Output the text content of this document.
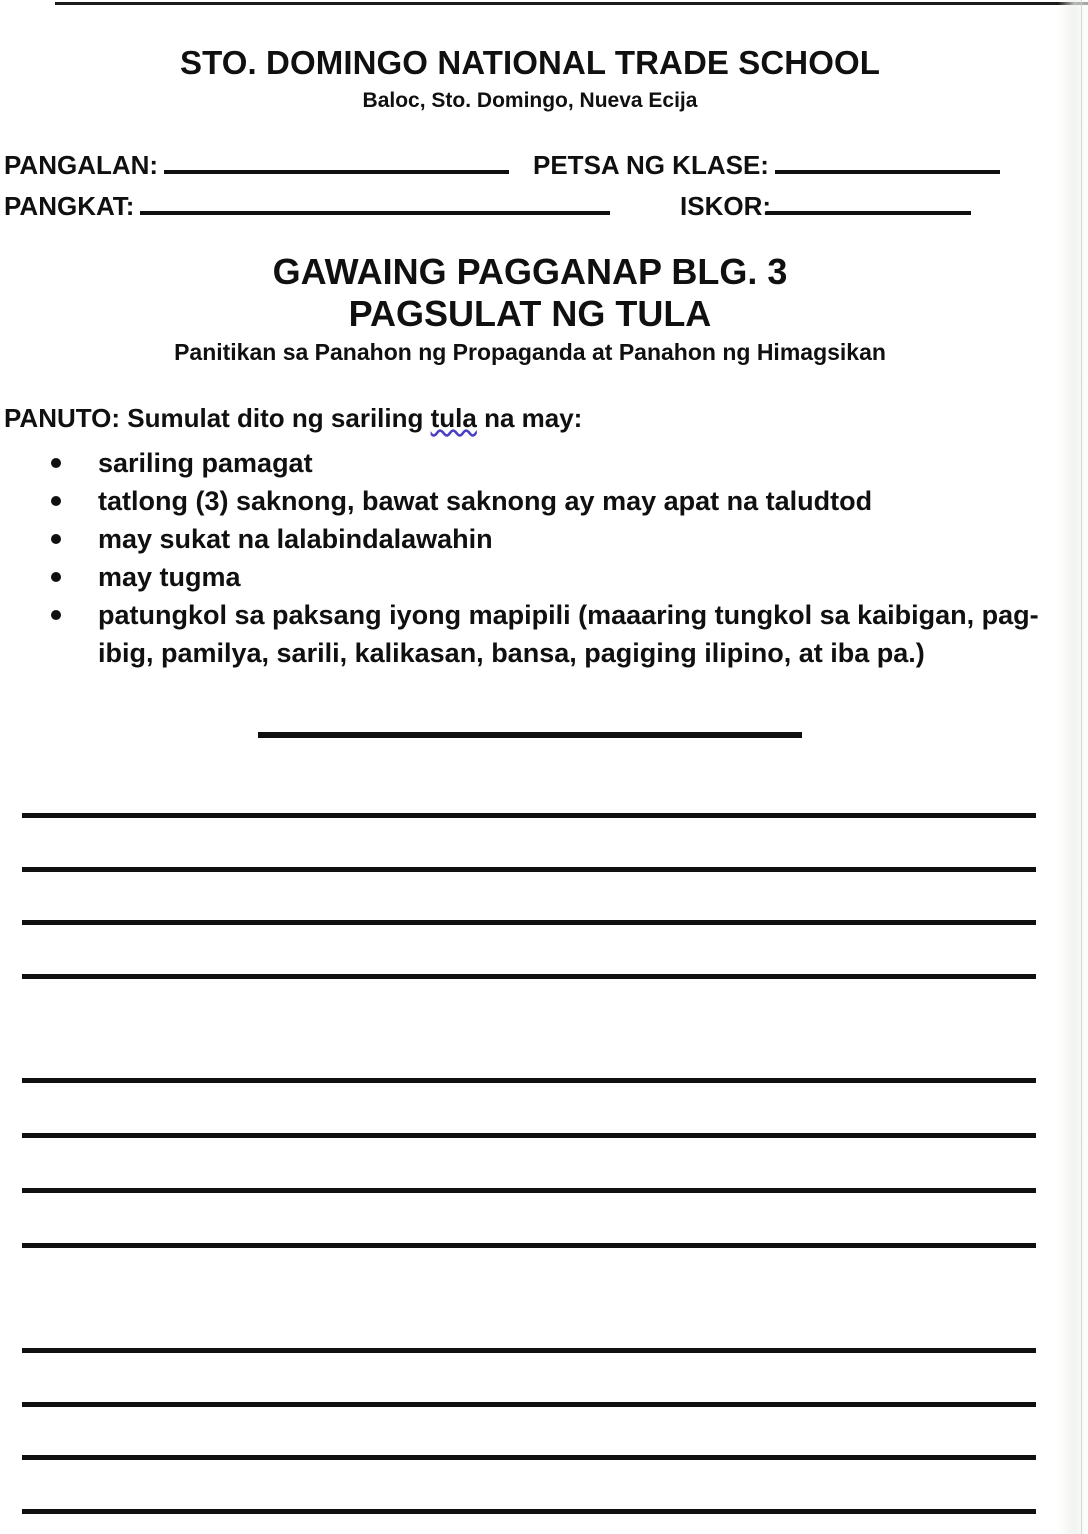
STO. DOMINGO NATIONAL TRADE SCHOOL
Baloc, Sto. Domingo, Nueva Ecija
PANGALAN:	PETSA NG KLASE:
PANGKAT:	ISKOR:
GAWAING PAGGANAP BLG. 3
PAGSULAT NG TULA
Panitikan sa Panahon ng Propaganda at Panahon ng Himagsikan
PANUTO: Sumulat dito ng sariling tula na may:
sariling pamagat
tatlong (3) saknong, bawat saknong ay may apat na taludtod
may sukat na lalabindalawahin
may tugma
patungkol sa paksang iyong mapipili (maaaring tungkol sa kaibigan, pag-ibig, pamilya, sarili, kalikasan, bansa, pagiging ilipino, at iba pa.)
